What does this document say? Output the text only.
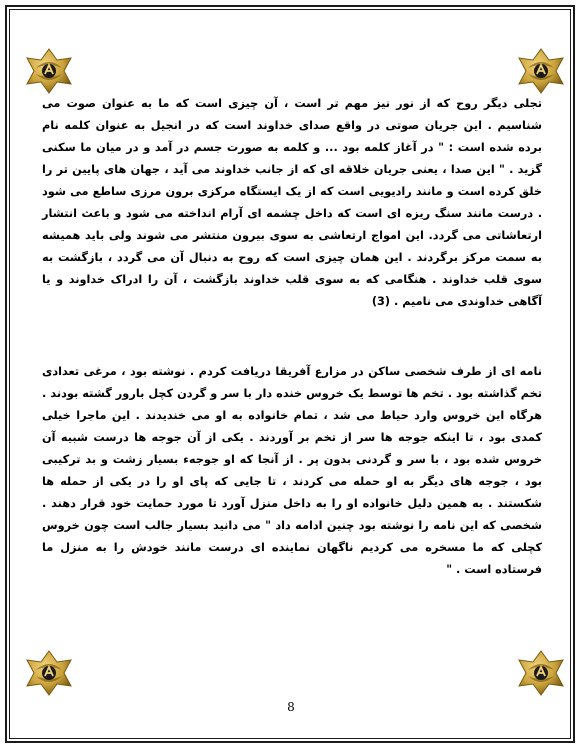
تجلی دیگر روح که از نور نیز مهم تر است ، آن چیزی است که ما به عنوان صوت می شناسیم . این جریان صوتی در واقع صدای خداوند است که در انجیل به عنوان کلمه نام برده شده است : " در آغاز کلمه بود ... و کلمه به صورت جسم در آمد و در میان ما سکنی گزید . " این صدا ، یعنی جریان خلاقه ای که از جانب خداوند می آید ، جهان های پایین تر را خلق کرده است و مانند رادیویی است که از یک ایستگاه مرکزی برون مرزی ساطع می شود . درست مانند سنگ ریزه ای است که داخل چشمه ای آرام انداخته می شود و باعث انتشار ارتعاشاتی می گردد. این امواج ارتعاشی به سوی بیرون منتشر می شوند ولی باید همیشه به سمت مرکز برگردند . این همان چیزی است که روح به دنبال آن می گردد ، بازگشت به سوی قلب خداوند . هنگامی که به سوی قلب خداوند بازگشت ، آن را ادراک خداوند و یا آگاهی خداوندی می نامیم . (3)
نامه ای از طرف شخصی ساکن در مزارع آفریقا دریافت کردم . نوشته بود ، مرغی تعدادی تخم گذاشته بود . تخم ها توسط یک خروس خنده دار با سر و گردن کچل بارور گشته بودند . هرگاه این خروس وارد حیاط می شد ، تمام خانواده به او می خندیدند . این ماجرا خیلی کمدی بود ، تا اینکه جوجه ها سر از تخم بر آوردند . یکی از آن جوجه ها درست شبیه آن خروس شده بود ، با سر و گردنی بدون پر . از آنجا که او جوجهء بسیار زشت و بد ترکیبی بود ، جوجه های دیگر به او حمله می کردند ، تا جایی که پای او را در یکی از حمله ها شکستند . به همین دلیل خانواده او را به داخل منزل آورد تا مورد حمایت خود قرار دهند . شخصی که این نامه را نوشته بود چنین ادامه داد " می دانید بسیار جالب است چون خروس کچلی که ما مسخره می کردیم ناگهان نماینده ای درست مانند خودش را به منزل ما فرستاده است . "
8
